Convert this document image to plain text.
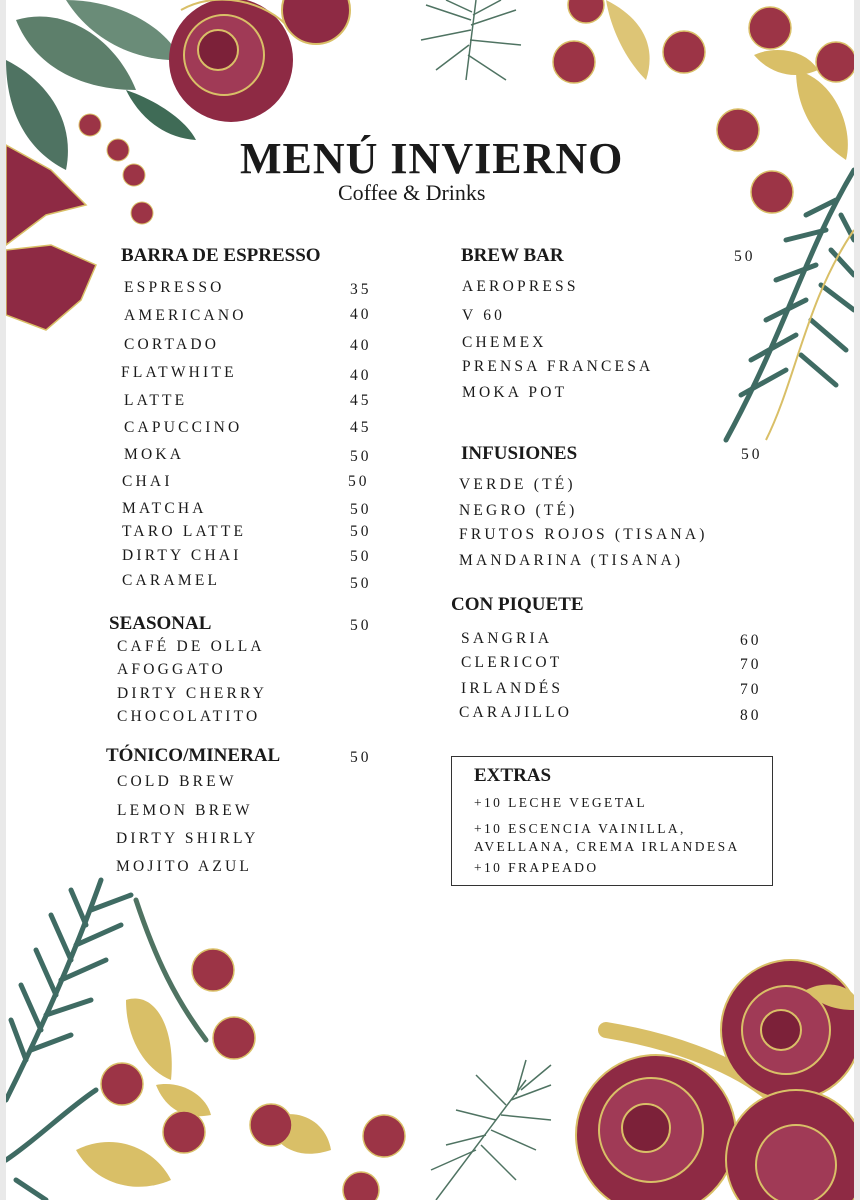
MENÚ INVIERNO
Coffee & Drinks
BARRA DE ESPRESSO
ESPRESSO	35
AMERICANO	40
CORTADO	40
FLATWHITE	40
LATTE	45
CAPUCCINO	45
MOKA	50
CHAI	50
MATCHA	50
TARO LATTE	50
DIRTY CHAI	50
CARAMEL	50
SEASONAL	50
CAFÉ DE OLLA
AFOGGATO
DIRTY CHERRY
CHOCOLATITO
TÓNICO/MINERAL	50
COLD BREW
LEMON BREW
DIRTY SHIRLY
MOJITO AZUL
BREW BAR	50
AEROPRESS
V 60
CHEMEX
PRENSA FRANCESA
MOKA POT
INFUSIONES	50
VERDE (TÉ)
NEGRO (TÉ)
FRUTOS ROJOS (TISANA)
MANDARINA (TISANA)
CON PIQUETE
SANGRIA	60
CLERICOT	70
IRLANDÉS	70
CARAJILLO	80
EXTRAS
+10 LECHE VEGETAL
+10 ESCENCIA VAINILLA,
AVELLANA, CREMA IRLANDESA
+10 FRAPEADO
